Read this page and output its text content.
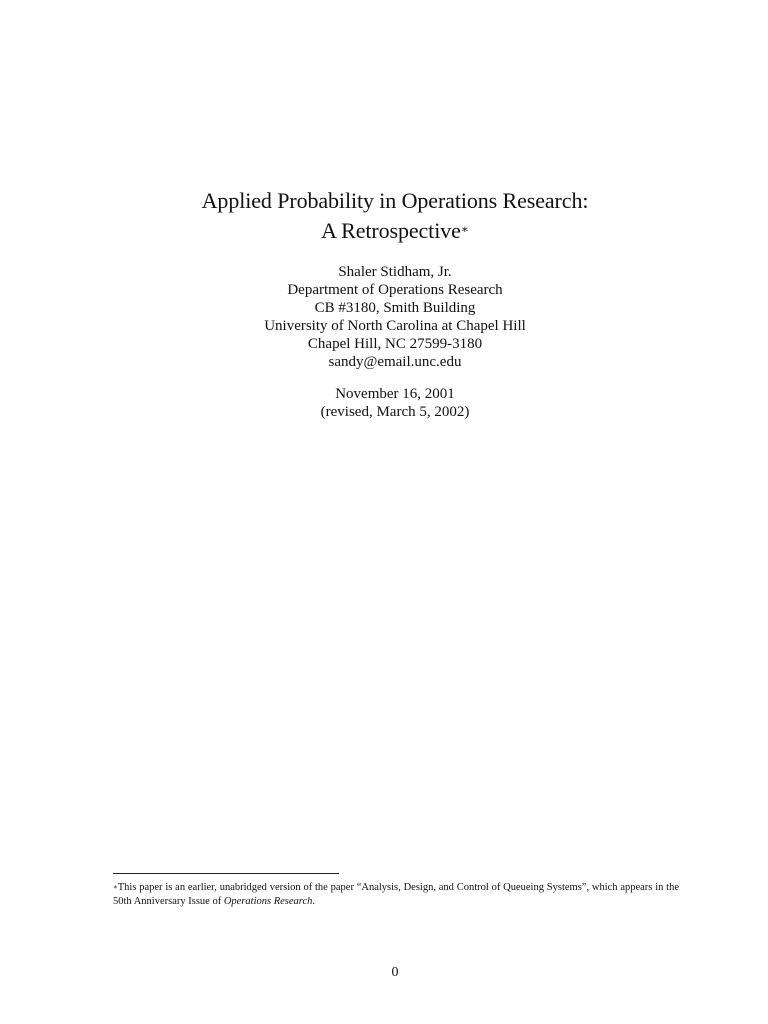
Applied Probability in Operations Research:
A Retrospective∗
Shaler Stidham, Jr.
Department of Operations Research
CB #3180, Smith Building
University of North Carolina at Chapel Hill
Chapel Hill, NC 27599-3180
sandy@email.unc.edu
November 16, 2001
(revised, March 5, 2002)
∗This paper is an earlier, unabridged version of the paper “Analysis, Design, and Control of Queueing Systems”, which appears in the 50th Anniversary Issue of Operations Research.
0
